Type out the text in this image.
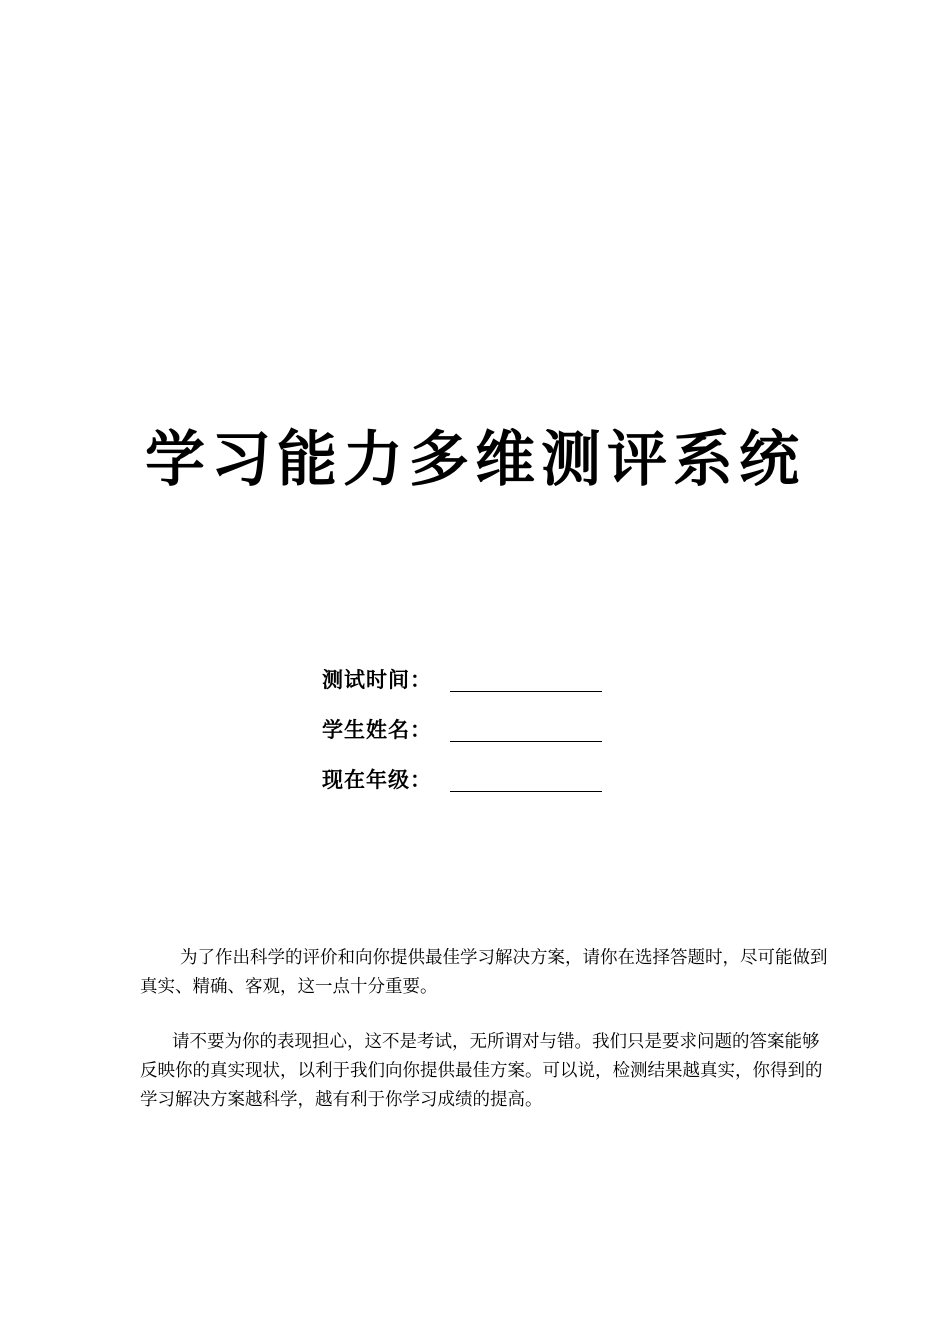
学习能力多维测评系统
测试时间：
学生姓名：
现在年级：

为了作出科学的评价和向你提供最佳学习解决方案，请你在选择答题时，尽可能做到真实、精确、客观，这一点十分重要。

请不要为你的表现担心，这不是考试，无所谓对与错。我们只是要求问题的答案能够反映你的真实现状，以利于我们向你提供最佳方案。可以说，检测结果越真实，你得到的学习解决方案越科学，越有利于你学习成绩的提高。
